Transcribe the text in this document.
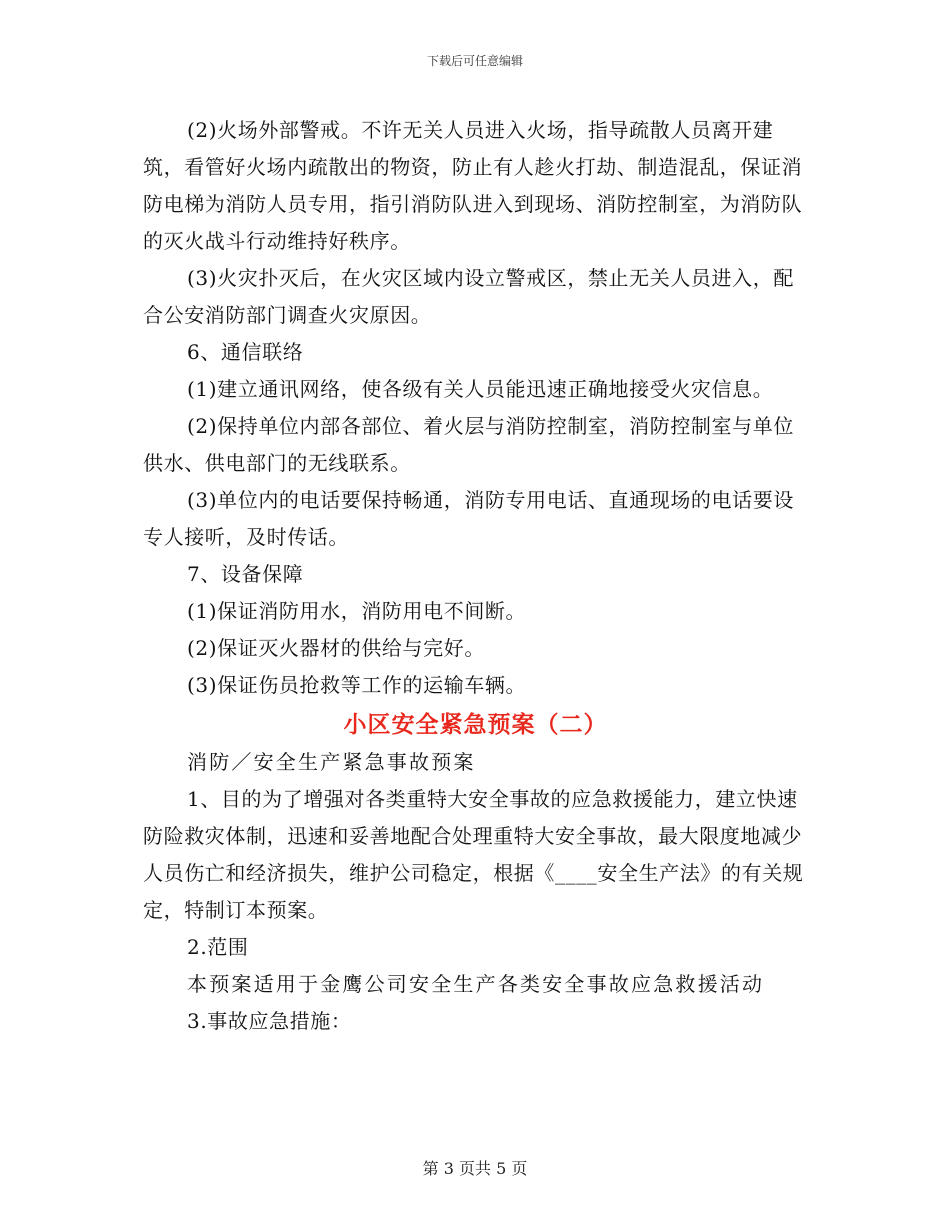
下载后可任意编辑

(2)火场外部警戒。不许无关人员进入火场，指导疏散人员离开建筑，看管好火场内疏散出的物资，防止有人趁火打劫、制造混乱，保证消防电梯为消防人员专用，指引消防队进入到现场、消防控制室，为消防队的灭火战斗行动维持好秩序。

(3)火灾扑灭后，在火灾区域内设立警戒区，禁止无关人员进入，配合公安消防部门调查火灾原因。

6、通信联络

(1)建立通讯网络，使各级有关人员能迅速正确地接受火灾信息。

(2)保持单位内部各部位、着火层与消防控制室，消防控制室与单位供水、供电部门的无线联系。

(3)单位内的电话要保持畅通，消防专用电话、直通现场的电话要设专人接听，及时传话。

7、设备保障

(1)保证消防用水，消防用电不间断。

(2)保证灭火器材的供给与完好。

(3)保证伤员抢救等工作的运输车辆。

小区安全紧急预案（二）

消防／安全生产紧急事故预案

1、目的为了增强对各类重特大安全事故的应急救援能力，建立快速防险救灾体制，迅速和妥善地配合处理重特大安全事故，最大限度地减少人员伤亡和经济损失，维护公司稳定，根据《____安全生产法》的有关规定，特制订本预案。

2.范围

本预案适用于金鹰公司安全生产各类安全事故应急救援活动

3.事故应急措施：

第 3 页共 5 页
